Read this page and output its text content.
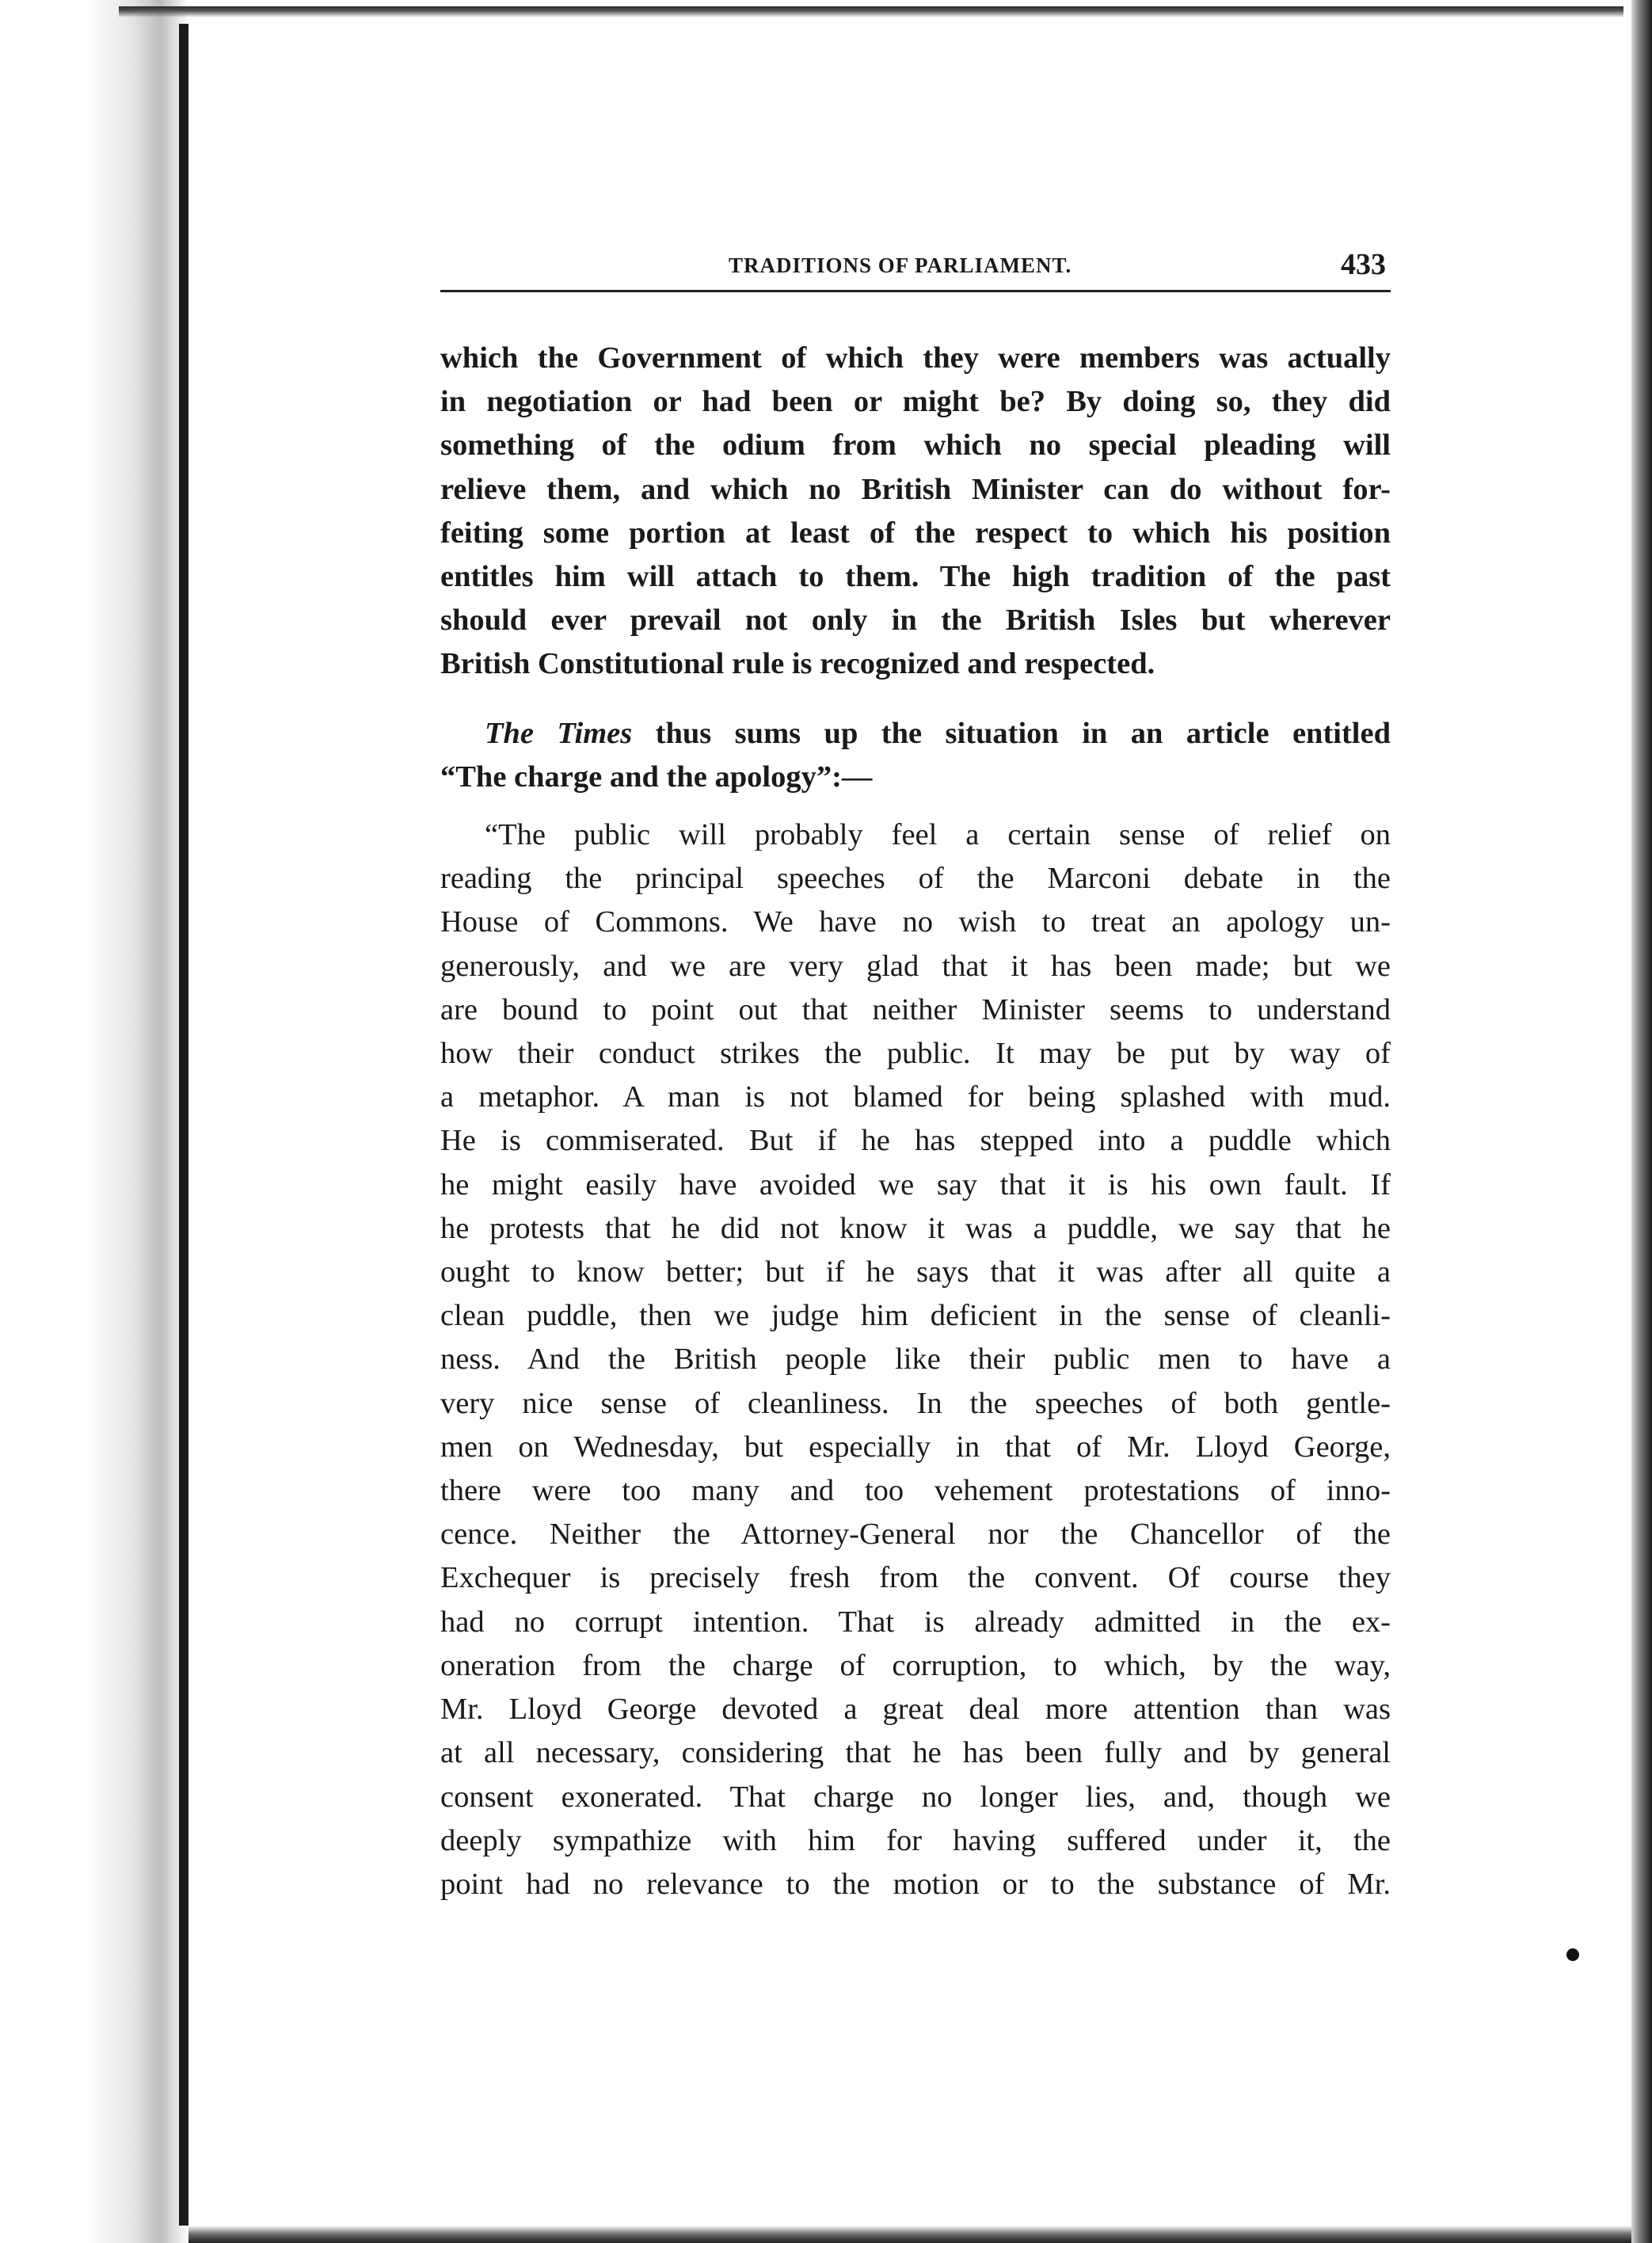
TRADITIONS OF PARLIAMENT.	433
which the Government of which they were members was actually
in negotiation or had been or might be? By doing so, they did
something of the odium from which no special pleading will
relieve them, and which no British Minister can do without for-
feiting some portion at least of the respect to which his position
entitles him will attach to them. The high tradition of the past
should ever prevail not only in the British Isles but wherever
British Constitutional rule is recognized and respected.
The Times thus sums up the situation in an article entitled
“The charge and the apology”:—
“The public will probably feel a certain sense of relief on
reading the principal speeches of the Marconi debate in the
House of Commons. We have no wish to treat an apology un-
generously, and we are very glad that it has been made; but we
are bound to point out that neither Minister seems to understand
how their conduct strikes the public. It may be put by way of
a metaphor. A man is not blamed for being splashed with mud.
He is commiserated. But if he has stepped into a puddle which
he might easily have avoided we say that it is his own fault. If
he protests that he did not know it was a puddle, we say that he
ought to know better; but if he says that it was after all quite a
clean puddle, then we judge him deficient in the sense of cleanli-
ness. And the British people like their public men to have a
very nice sense of cleanliness. In the speeches of both gentle-
men on Wednesday, but especially in that of Mr. Lloyd George,
there were too many and too vehement protestations of inno-
cence. Neither the Attorney-General nor the Chancellor of the
Exchequer is precisely fresh from the convent. Of course they
had no corrupt intention. That is already admitted in the ex-
oneration from the charge of corruption, to which, by the way,
Mr. Lloyd George devoted a great deal more attention than was
at all necessary, considering that he has been fully and by general
consent exonerated. That charge no longer lies, and, though we
deeply sympathize with him for having suffered under it, the
point had no relevance to the motion or to the substance of Mr.
